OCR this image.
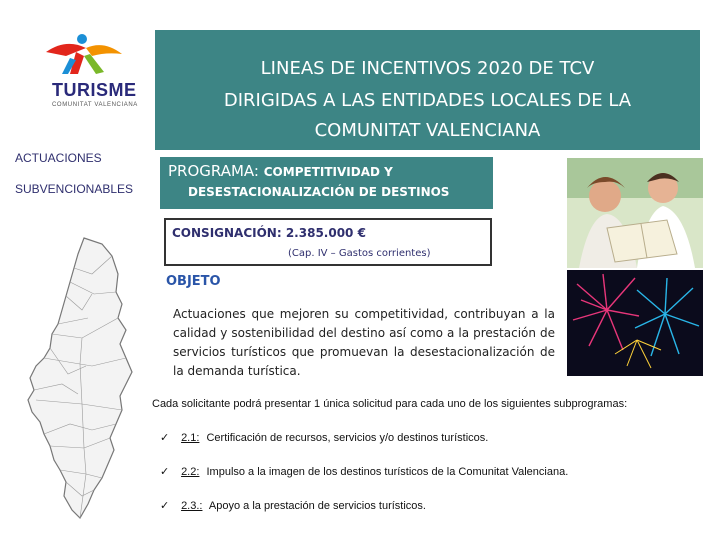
TURISME
COMUNITAT VALENCIANA
ACTUACIONES
SUBVENCIONABLES
LINEAS DE INCENTIVOS 2020 DE TCV
DIRIGIDAS A LAS ENTIDADES LOCALES DE LA
COMUNITAT VALENCIANA
PROGRAMA: COMPETITIVIDAD Y
DESESTACIONALIZACIÓN DE DESTINOS
CONSIGNACIÓN: 2.385.000 €
(Cap. IV – Gastos corrientes)
OBJETO
Actuaciones que mejoren su competitividad, contribuyan a la calidad y sostenibilidad del destino así como a la prestación de servicios turísticos que promuevan la desestacionalización de la demanda turística.
Cada solicitante podrá presentar 1 única solicitud para cada uno de los siguientes subprogramas:
✓ 2.1: Certificación de recursos, servicios y/o destinos turísticos.
✓ 2.2: Impulso a la imagen de los destinos turísticos de la Comunitat Valenciana.
✓ 2.3.: Apoyo a la prestación de servicios turísticos.
